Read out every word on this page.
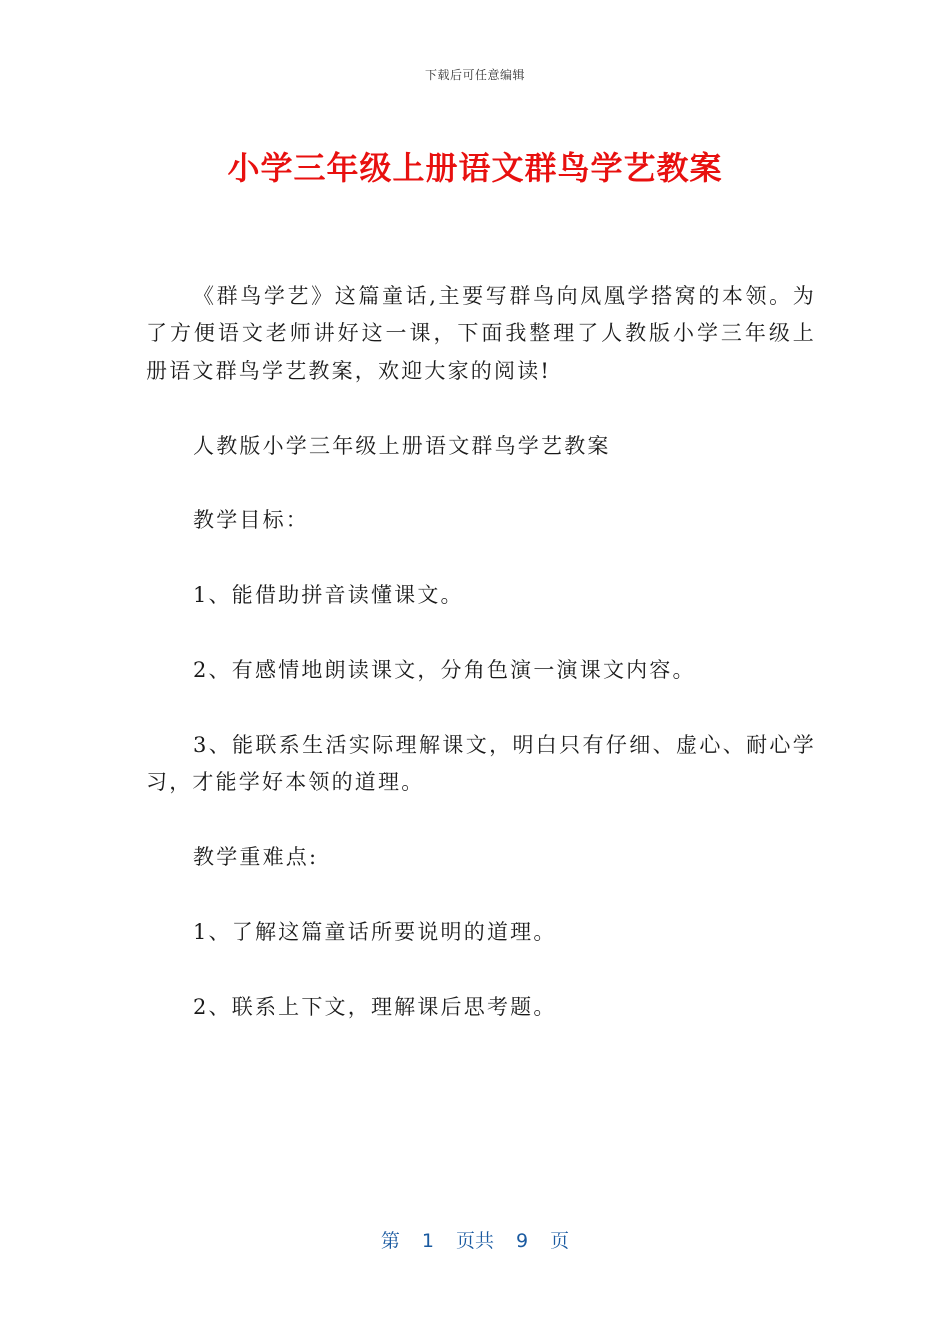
下载后可任意编辑
小学三年级上册语文群鸟学艺教案

《群鸟学艺》这篇童话,主要写群鸟向凤凰学搭窝的本领。为了方便语文老师讲好这一课，下面我整理了人教版小学三年级上册语文群鸟学艺教案，欢迎大家的阅读!

人教版小学三年级上册语文群鸟学艺教案

教学目标：

1、能借助拼音读懂课文。

2、有感情地朗读课文，分角色演一演课文内容。

3、能联系生活实际理解课文，明白只有仔细、虚心、耐心学习，才能学好本领的道理。

教学重难点:

1、了解这篇童话所要说明的道理。

2、联系上下文，理解课后思考题。

第 1 页共 9 页
